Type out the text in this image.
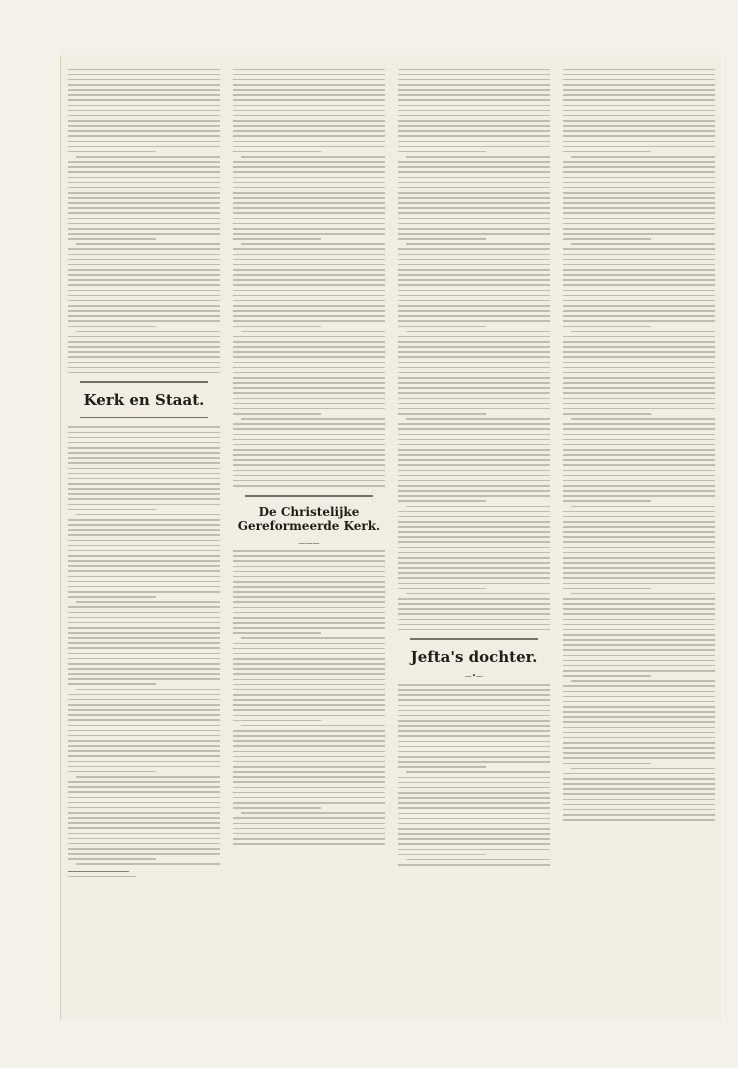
Kerk en Staat.
De Christelijke Gereformeerde Kerk.
———
Jefta's dochter.
—•—
